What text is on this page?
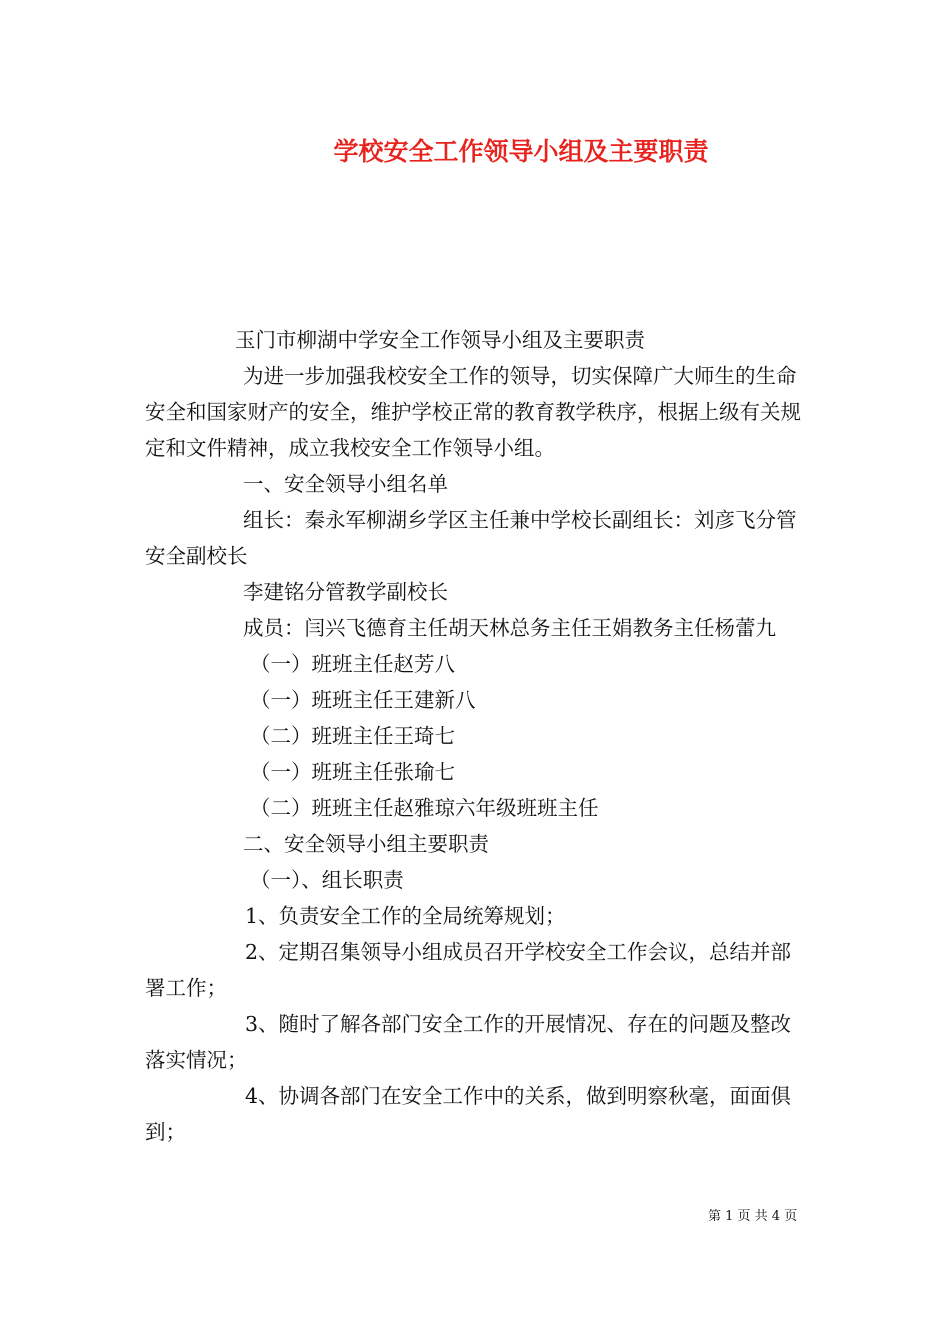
学校安全工作领导小组及主要职责

玉门市柳湖中学安全工作领导小组及主要职责

为进一步加强我校安全工作的领导，切实保障广大师生的生命安全和国家财产的安全，维护学校正常的教育教学秩序，根据上级有关规定和文件精神，成立我校安全工作领导小组。

一、安全领导小组名单

组长：秦永军柳湖乡学区主任兼中学校长副组长：刘彦飞分管安全副校长

李建铭分管教学副校长

成员：闫兴飞德育主任胡天林总务主任王娟教务主任杨蕾九

（一）班班主任赵芳八

（一）班班主任王建新八

（二）班班主任王琦七

（一）班班主任张瑜七

（二）班班主任赵雅琼六年级班班主任

二、安全领导小组主要职责

（一）、组长职责

1、负责安全工作的全局统筹规划；

2、定期召集领导小组成员召开学校安全工作会议，总结并部署工作；

3、随时了解各部门安全工作的开展情况、存在的问题及整改落实情况；

4、协调各部门在安全工作中的关系，做到明察秋毫，面面俱到；

第 1 页 共 4 页
